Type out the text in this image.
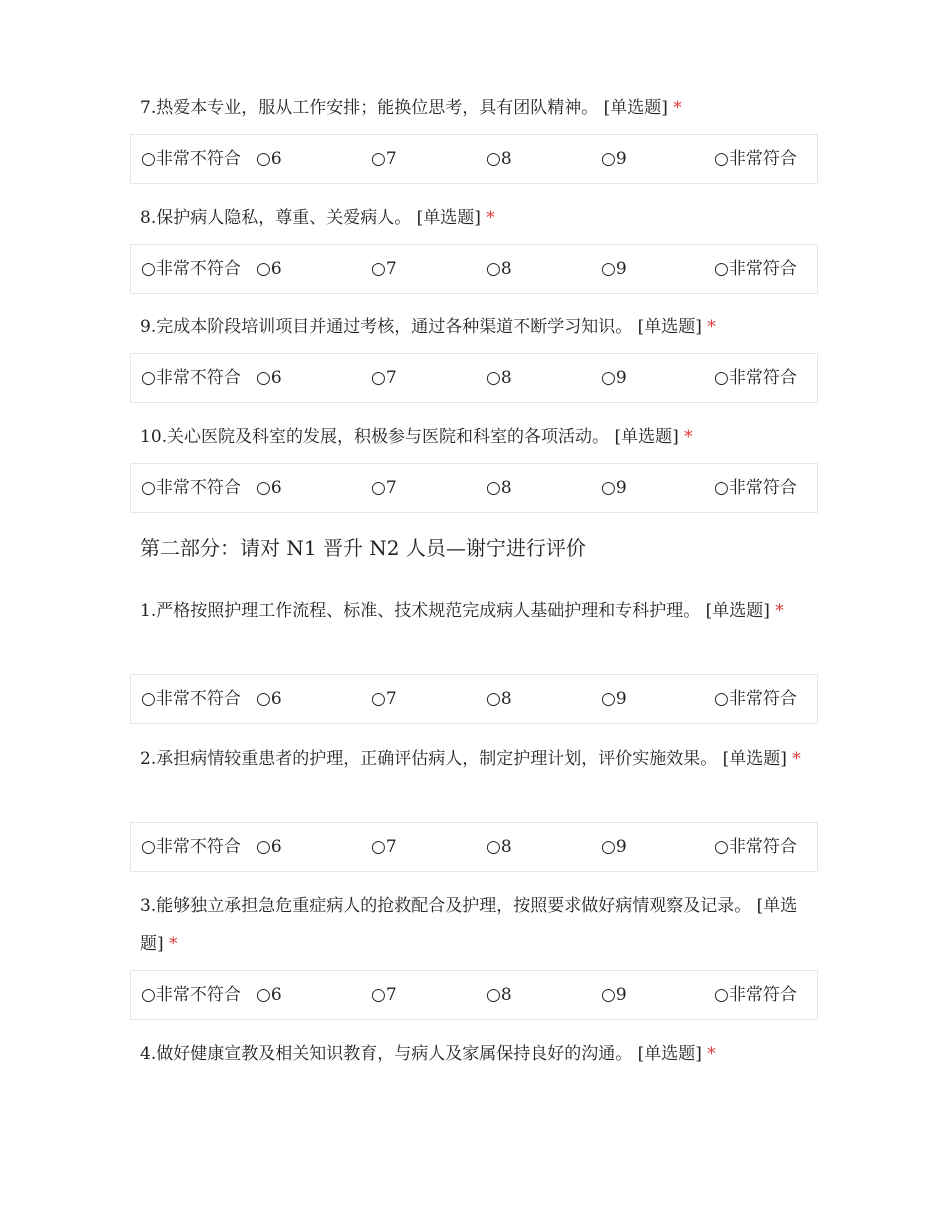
7.热爱本专业，服从工作安排；能换位思考，具有团队精神。 [单选题] *

○非常不符合 ○6	○7	○8	○9	○非常符合

8.保护病人隐私，尊重、关爱病人。 [单选题] *

○非常不符合 ○6	○7	○8	○9	○非常符合

9.完成本阶段培训项目并通过考核，通过各种渠道不断学习知识。 [单选题] *

○非常不符合 ○6	○7	○8	○9	○非常符合

10.关心医院及科室的发展，积极参与医院和科室的各项活动。 [单选题] *

○非常不符合 ○6	○7	○8	○9	○非常符合
第二部分：请对 N1 晋升 N2 人员—谢宁进行评价

1.严格按照护理工作流程、标准、技术规范完成病人基础护理和专科护理。 [单选题] *

○非常不符合 ○6	○7	○8	○9	○非常符合

2.承担病情较重患者的护理，正确评估病人，制定护理计划，评价实施效果。 [单选题] *

○非常不符合 ○6	○7	○8	○9	○非常符合

3.能够独立承担急危重症病人的抢救配合及护理，按照要求做好病情观察及记录。 [单选题] *

○非常不符合 ○6	○7	○8	○9	○非常符合

4.做好健康宣教及相关知识教育，与病人及家属保持良好的沟通。 [单选题] *
